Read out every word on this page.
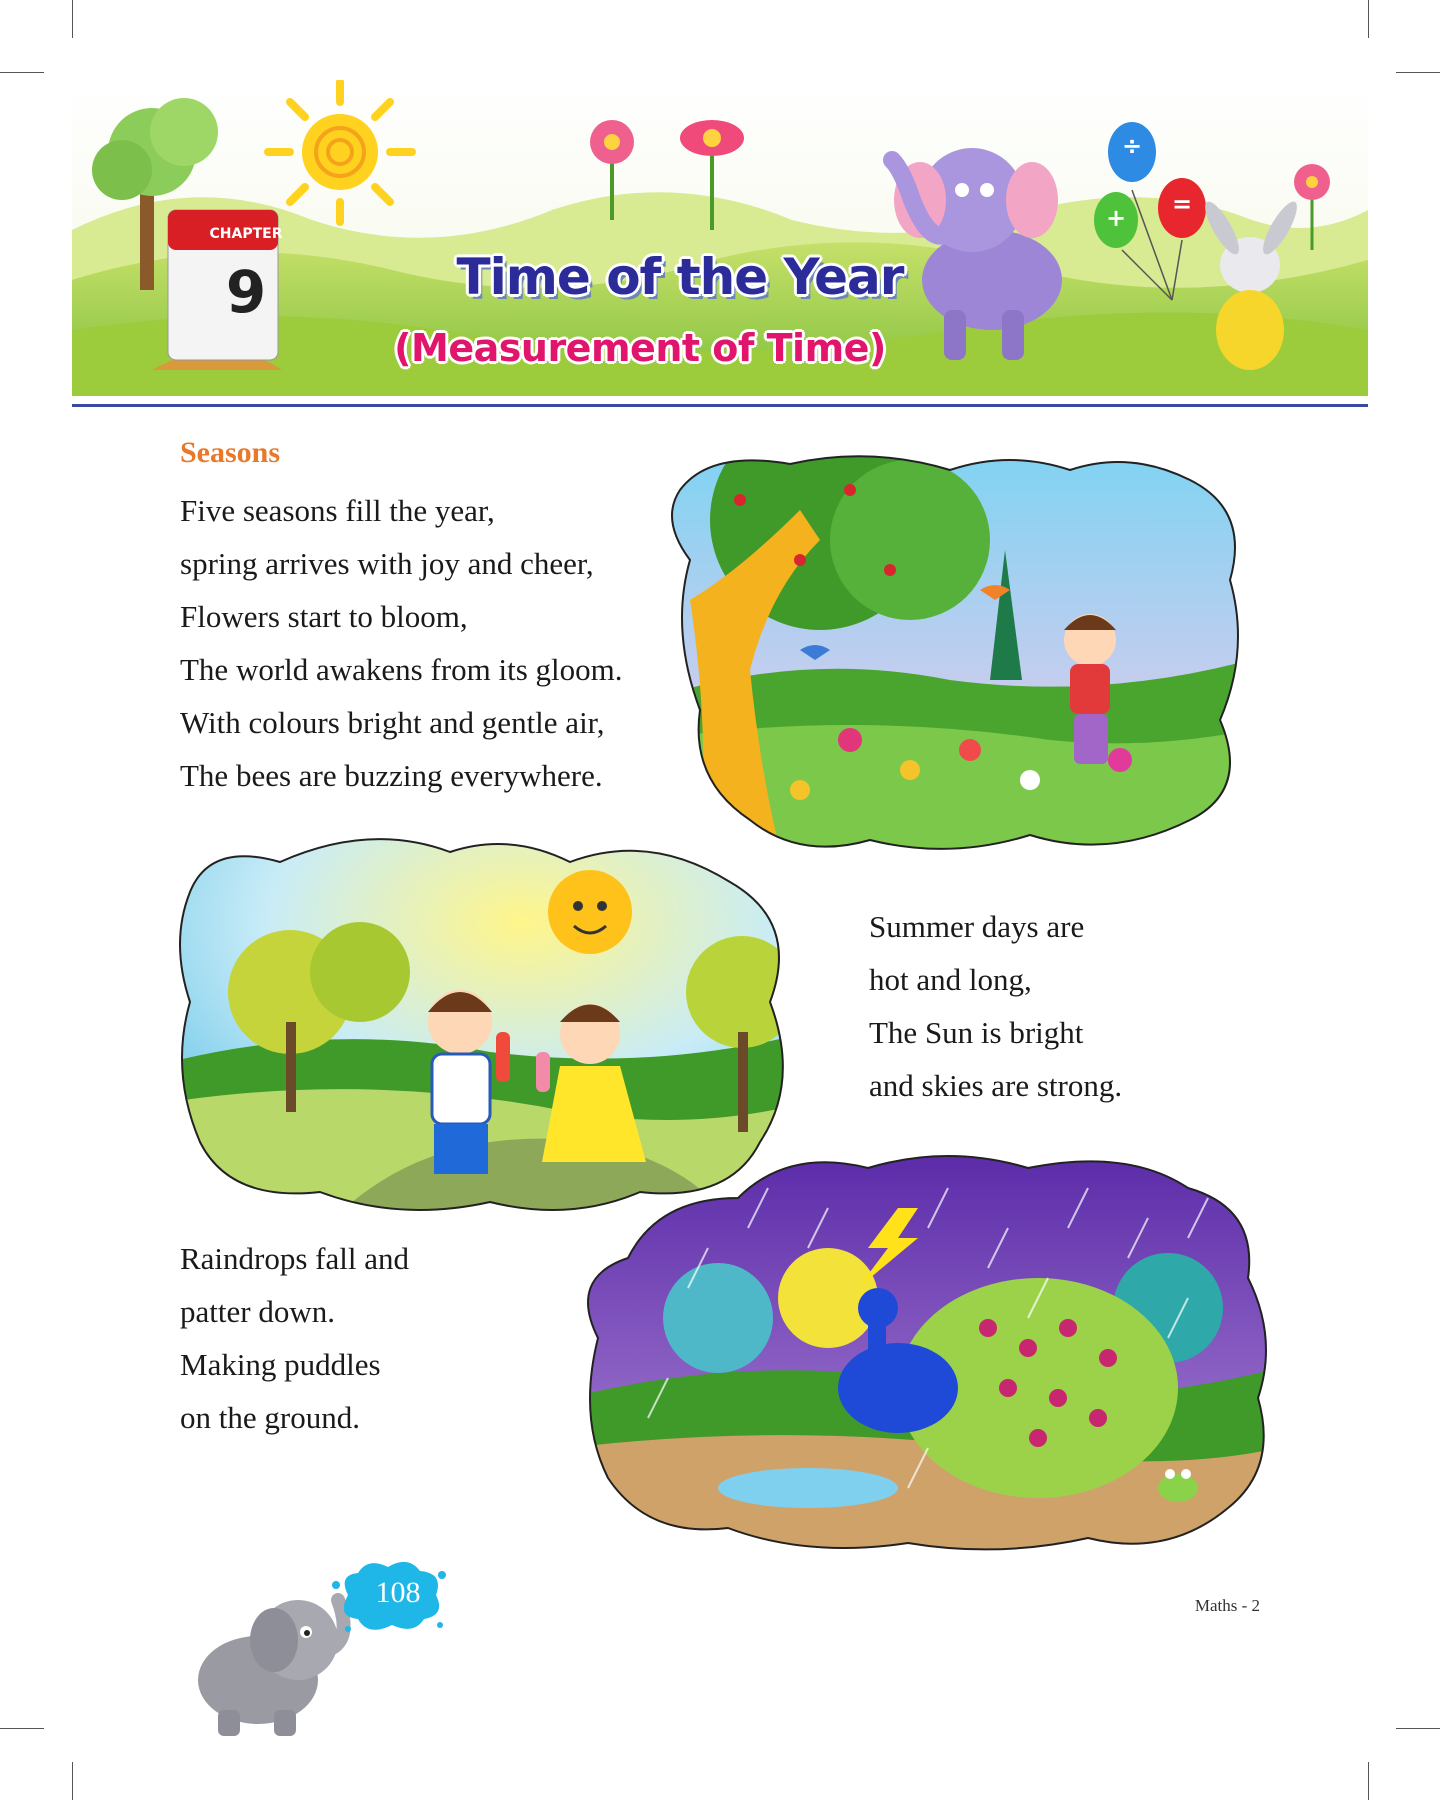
÷
+ =
CHAPTER
9	Time of the Year
(Measurement of Time)
Seasons
Five seasons fill the year,
spring arrives with joy and cheer,
Flowers start to bloom,
The world awakens from its gloom.
With colours bright and gentle air,
The bees are buzzing everywhere.
Summer days are
hot and long,
The Sun is bright
and skies are strong.
Raindrops fall and
patter down.
Making puddles
on the ground.
108	Maths - 2
